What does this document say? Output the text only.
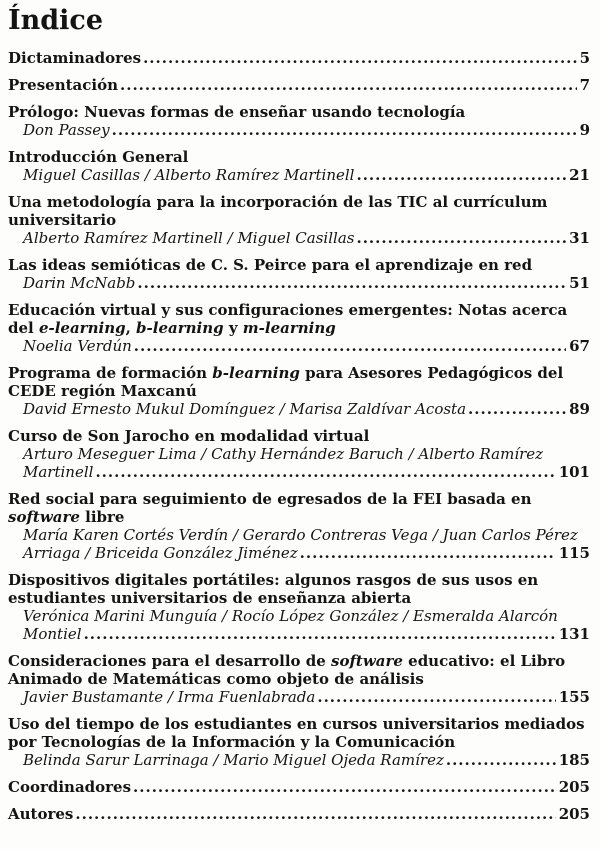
Índice
Dictaminadores .....	5
Presentación .....	7
Prólogo: Nuevas formas de enseñar usando tecnología
Don Passey .....	9
Introducción General
Miguel Casillas / Alberto Ramírez Martinell .....	21
Una metodología para la incorporación de las TIC al currículum
universitario
Alberto Ramírez Martinell / Miguel Casillas .....	31
Las ideas semióticas de C. S. Peirce para el aprendizaje en red
Darin McNabb .....	51
Educación virtual y sus configuraciones emergentes: Notas acerca
del e-learning, b-learning y m-learning
Noelia Verdún .....	67
Programa de formación b-learning para Asesores Pedagógicos del
CEDE región Maxcanú
David Ernesto Mukul Domínguez / Marisa Zaldívar Acosta .....	89
Curso de Son Jarocho en modalidad virtual
Arturo Meseguer Lima / Cathy Hernández Baruch / Alberto Ramírez
Martinell .....	101
Red social para seguimiento de egresados de la FEI basada en
software libre
María Karen Cortés Verdín / Gerardo Contreras Vega / Juan Carlos Pérez
Arriaga / Briceida González Jiménez .....	115
Dispositivos digitales portátiles: algunos rasgos de sus usos en
estudiantes universitarios de enseñanza abierta
Verónica Marini Munguía / Rocío López González / Esmeralda Alarcón
Montiel .....	131
Consideraciones para el desarrollo de software educativo: el Libro
Animado de Matemáticas como objeto de análisis
Javier Bustamante / Irma Fuenlabrada .....	155
Uso del tiempo de los estudiantes en cursos universitarios mediados
por Tecnologías de la Información y la Comunicación
Belinda Sarur Larrinaga / Mario Miguel Ojeda Ramírez .....	185
Coordinadores .....	205
Autores .....	205
